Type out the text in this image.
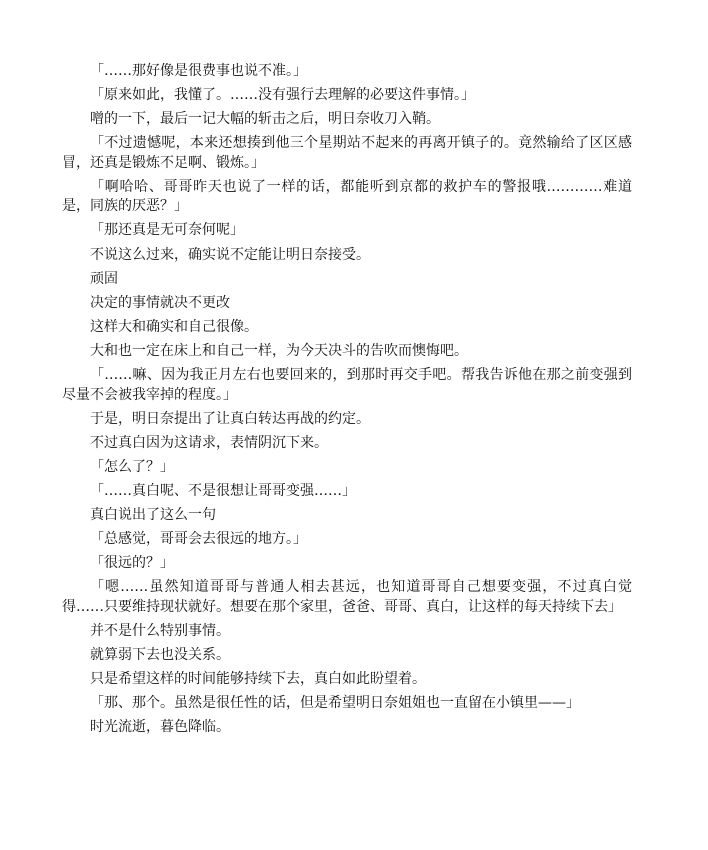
「……那好像是很费事也说不准。」

「原来如此，我懂了。……没有强行去理解的必要这件事情。」

噌的一下，最后一记大幅的斩击之后，明日奈收刀入鞘。

「不过遗憾呢，本来还想揍到他三个星期站不起来的再离开镇子的。竟然输给了区区感冒，还真是锻炼不足啊、锻炼。」

「啊哈哈、哥哥昨天也说了一样的话，都能听到京都的救护车的警报哦…………难道是，同族的厌恶？」

「那还真是无可奈何呢」

不说这么过来，确实说不定能让明日奈接受。

顽固

决定的事情就决不更改

这样大和确实和自己很像。

大和也一定在床上和自己一样，为今天决斗的告吹而懊悔吧。

「……嘛、因为我正月左右也要回来的，到那时再交手吧。帮我告诉他在那之前变强到尽量不会被我宰掉的程度。」

于是，明日奈提出了让真白转达再战的约定。

不过真白因为这请求，表情阴沉下来。

「怎么了？」

「……真白呢、不是很想让哥哥变强……」

真白说出了这么一句

「总感觉，哥哥会去很远的地方。」

「很远的？」

「嗯……虽然知道哥哥与普通人相去甚远，也知道哥哥自己想要变强，不过真白觉得……只要维持现状就好。想要在那个家里，爸爸、哥哥、真白，让这样的每天持续下去」

并不是什么特别事情。

就算弱下去也没关系。

只是希望这样的时间能够持续下去，真白如此盼望着。

「那、那个。虽然是很任性的话，但是希望明日奈姐姐也一直留在小镇里——」

时光流逝，暮色降临。
